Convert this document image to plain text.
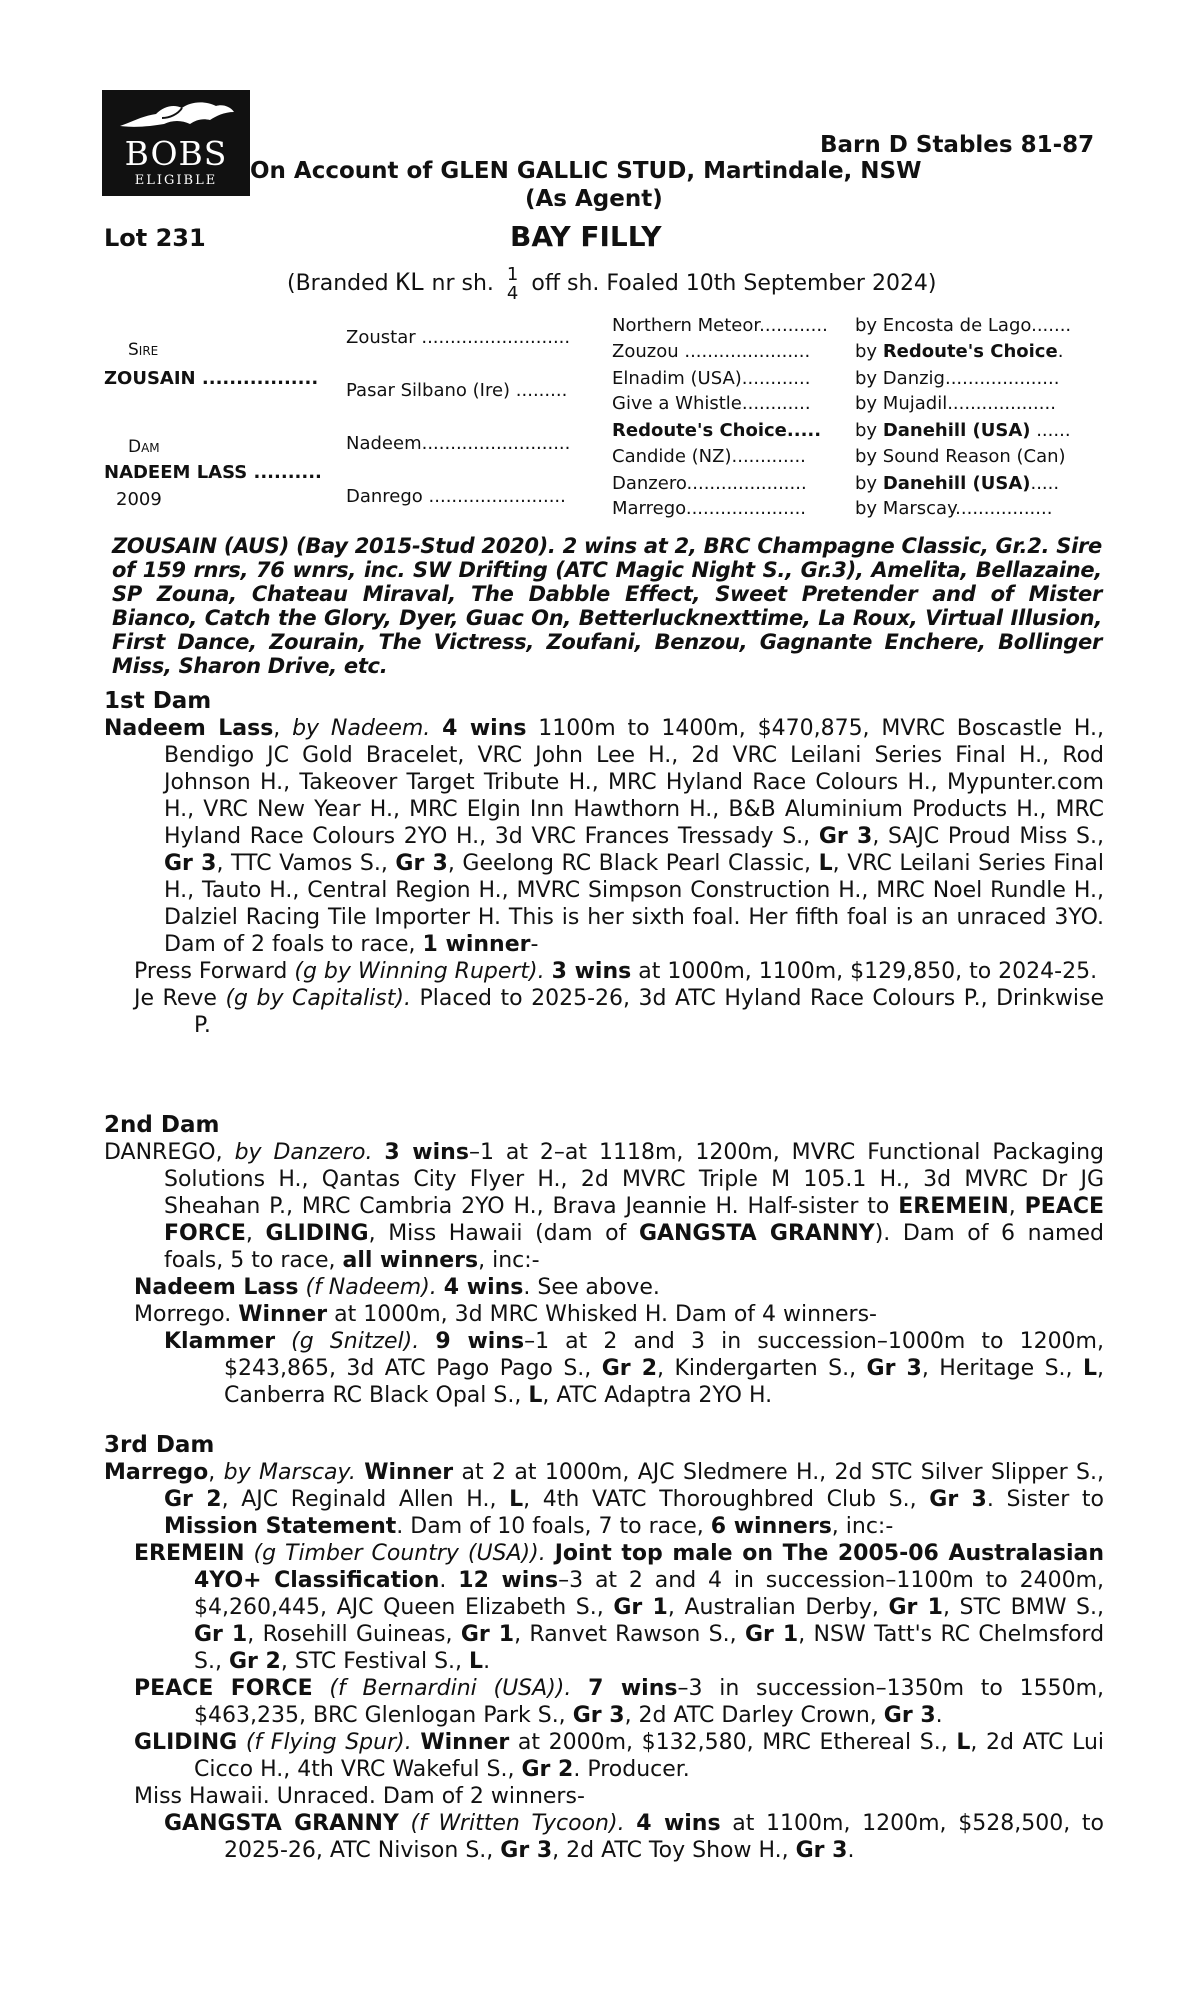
BOBS
ELIGIBLE
Barn D Stables 81-87
On Account of GLEN GALLIC STUD, Martindale, NSW
(As Agent)
Lot 231	BAY FILLY
(Branded KL nr sh. 1
4 off sh. Foaled 10th September 2024)
Sire
ZOUSAIN .................
Dam
NADEEM LASS ..........
2009
Zoustar ..........................
Pasar Silbano (Ire) .........
Nadeem..........................
Danrego ........................
Northern Meteor............
Zouzou ......................
Elnadim (USA)............
Give a Whistle............
Redoute's Choice.....
Candide (NZ).............
Danzero.....................
Marrego.....................
by Encosta de Lago.......
by Redoute's Choice.
by Danzig....................
by Mujadil...................
by Danehill (USA) ......
by Sound Reason (Can)
by Danehill (USA).....
by Marscay.................
ZOUSAIN (AUS) (Bay 2015-Stud 2020). 2 wins at 2, BRC Champagne Classic, Gr.2. Sire of 159 rnrs, 76 wnrs, inc. SW Drifting (ATC Magic Night S., Gr.3), Amelita, Bellazaine, SP Zouna, Chateau Miraval, The Dabble Effect, Sweet Pretender and of Mister Bianco, Catch the Glory, Dyer, Guac On, Betterlucknexttime, La Roux, Virtual Illusion, First Dance, Zourain, The Victress, Zoufani, Benzou, Gagnante Enchere, Bollinger Miss, Sharon Drive, etc.
1st Dam
Nadeem Lass, by Nadeem. 4 wins 1100m to 1400m, $470,875, MVRC Boscastle H., Bendigo JC Gold Bracelet, VRC John Lee H., 2d VRC Leilani Series Final H., Rod Johnson H., Takeover Target Tribute H., MRC Hyland Race Colours H., Mypunter.com H., VRC New Year H., MRC Elgin Inn Hawthorn H., B&B Aluminium Products H., MRC Hyland Race Colours 2YO H., 3d VRC Frances Tressady S., Gr 3, SAJC Proud Miss S., Gr 3, TTC Vamos S., Gr 3, Geelong RC Black Pearl Classic, L, VRC Leilani Series Final H., Tauto H., Central Region H., MVRC Simpson Construction H., MRC Noel Rundle H., Dalziel Racing Tile Importer H. This is her sixth foal. Her fifth foal is an unraced 3YO. Dam of 2 foals to race, 1 winner-
Press Forward (g by Winning Rupert). 3 wins at 1000m, 1100m, $129,850, to 2024-25.
Je Reve (g by Capitalist). Placed to 2025-26, 3d ATC Hyland Race Colours P., Drinkwise P.
2nd Dam
DANREGO, by Danzero. 3 wins–1 at 2–at 1118m, 1200m, MVRC Functional Packaging Solutions H., Qantas City Flyer H., 2d MVRC Triple M 105.1 H., 3d MVRC Dr JG Sheahan P., MRC Cambria 2YO H., Brava Jeannie H. Half-sister to EREMEIN, PEACE FORCE, GLIDING, Miss Hawaii (dam of GANGSTA GRANNY). Dam of 6 named foals, 5 to race, all winners, inc:-
Nadeem Lass (f Nadeem). 4 wins. See above.
Morrego. Winner at 1000m, 3d MRC Whisked H. Dam of 4 winners-
Klammer (g Snitzel). 9 wins–1 at 2 and 3 in succession–1000m to 1200m, $243,865, 3d ATC Pago Pago S., Gr 2, Kindergarten S., Gr 3, Heritage S., L, Canberra RC Black Opal S., L, ATC Adaptra 2YO H.
3rd Dam
Marrego, by Marscay. Winner at 2 at 1000m, AJC Sledmere H., 2d STC Silver Slipper S., Gr 2, AJC Reginald Allen H., L, 4th VATC Thoroughbred Club S., Gr 3. Sister to Mission Statement. Dam of 10 foals, 7 to race, 6 winners, inc:-
EREMEIN (g Timber Country (USA)). Joint top male on The 2005-06 Australasian 4YO+ Classification. 12 wins–3 at 2 and 4 in succession–1100m to 2400m, $4,260,445, AJC Queen Elizabeth S., Gr 1, Australian Derby, Gr 1, STC BMW S., Gr 1, Rosehill Guineas, Gr 1, Ranvet Rawson S., Gr 1, NSW Tatt's RC Chelmsford S., Gr 2, STC Festival S., L.
PEACE FORCE (f Bernardini (USA)). 7 wins–3 in succession–1350m to 1550m, $463,235, BRC Glenlogan Park S., Gr 3, 2d ATC Darley Crown, Gr 3.
GLIDING (f Flying Spur). Winner at 2000m, $132,580, MRC Ethereal S., L, 2d ATC Lui Cicco H., 4th VRC Wakeful S., Gr 2. Producer.
Miss Hawaii. Unraced. Dam of 2 winners-
GANGSTA GRANNY (f Written Tycoon). 4 wins at 1100m, 1200m, $528,500, to 2025-26, ATC Nivison S., Gr 3, 2d ATC Toy Show H., Gr 3.
